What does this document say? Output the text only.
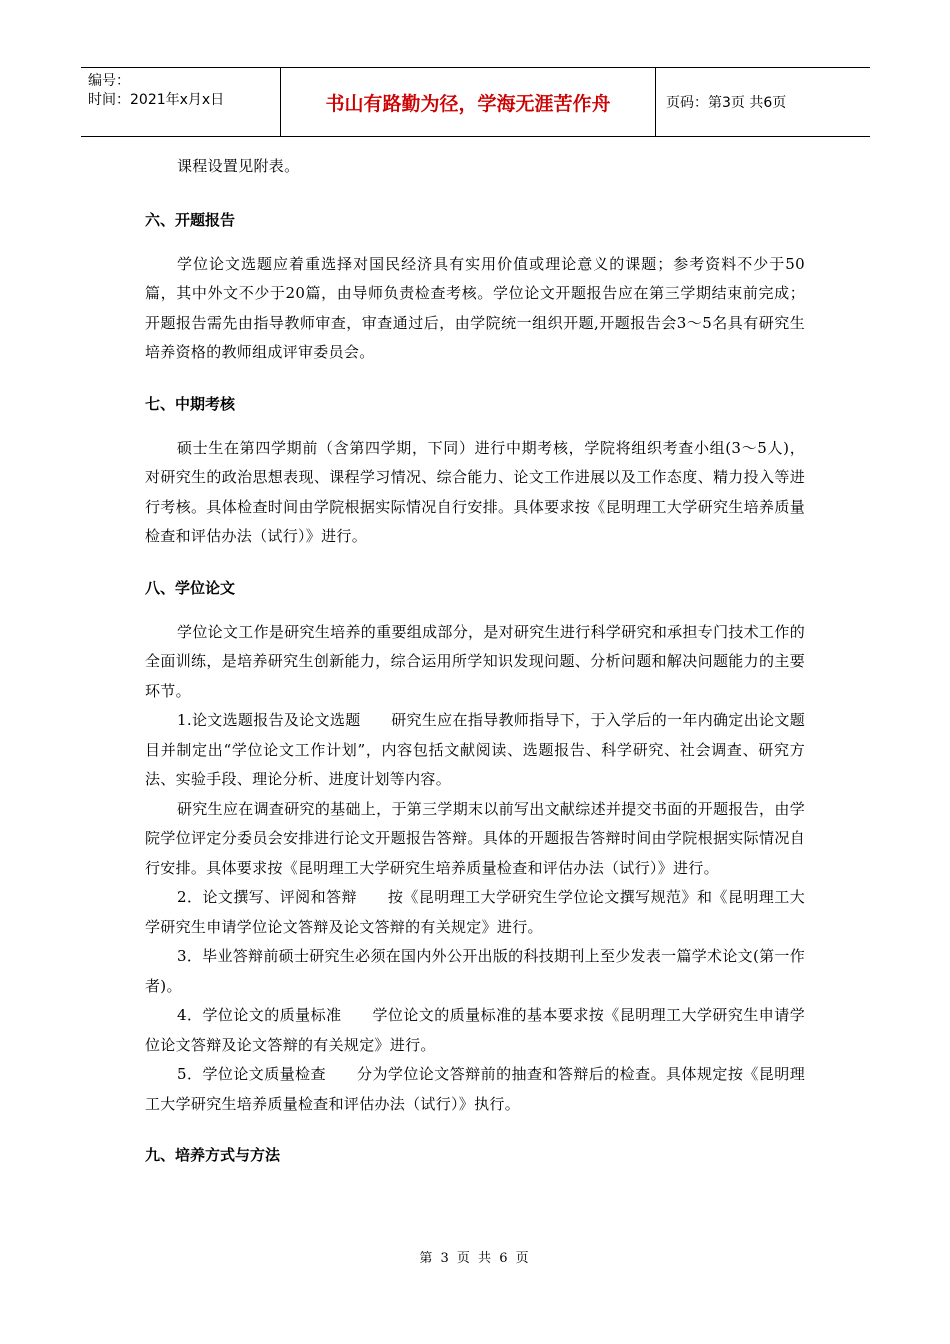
编号：
时间：2021年x月x日	书山有路勤为径，学海无涯苦作舟	页码：第3页 共6页

课程设置见附表。

六、开题报告

学位论文选题应着重选择对国民经济具有实用价值或理论意义的课题；参考资料不少于50篇，其中外文不少于20篇，由导师负责检查考核。学位论文开题报告应在第三学期结束前完成；开题报告需先由指导教师审查，审查通过后，由学院统一组织开题,开题报告会3～5名具有研究生培养资格的教师组成评审委员会。

七、中期考核

硕士生在第四学期前（含第四学期，下同）进行中期考核，学院将组织考查小组(3～5人)，对研究生的政治思想表现、课程学习情况、综合能力、论文工作进展以及工作态度、精力投入等进行考核。具体检查时间由学院根据实际情况自行安排。具体要求按《昆明理工大学研究生培养质量检查和评估办法（试行）》进行。

八、学位论文

学位论文工作是研究生培养的重要组成部分，是对研究生进行科学研究和承担专门技术工作的全面训练，是培养研究生创新能力，综合运用所学知识发现问题、分析问题和解决问题能力的主要环节。

1.论文选题报告及论文选题　　研究生应在指导教师指导下，于入学后的一年内确定出论文题目并制定出“学位论文工作计划”，内容包括文献阅读、选题报告、科学研究、社会调查、研究方法、实验手段、理论分析、进度计划等内容。

研究生应在调查研究的基础上，于第三学期末以前写出文献综述并提交书面的开题报告，由学院学位评定分委员会安排进行论文开题报告答辩。具体的开题报告答辩时间由学院根据实际情况自行安排。具体要求按《昆明理工大学研究生培养质量检查和评估办法（试行）》进行。

2．论文撰写、评阅和答辩　　按《昆明理工大学研究生学位论文撰写规范》和《昆明理工大学研究生申请学位论文答辩及论文答辩的有关规定》进行。

3．毕业答辩前硕士研究生必须在国内外公开出版的科技期刊上至少发表一篇学术论文(第一作者)。

4．学位论文的质量标准　　学位论文的质量标准的基本要求按《昆明理工大学研究生申请学位论文答辩及论文答辩的有关规定》进行。

5．学位论文质量检查　　分为学位论文答辩前的抽查和答辩后的检查。具体规定按《昆明理工大学研究生培养质量检查和评估办法（试行）》执行。

九、培养方式与方法

第 3 页 共 6 页
